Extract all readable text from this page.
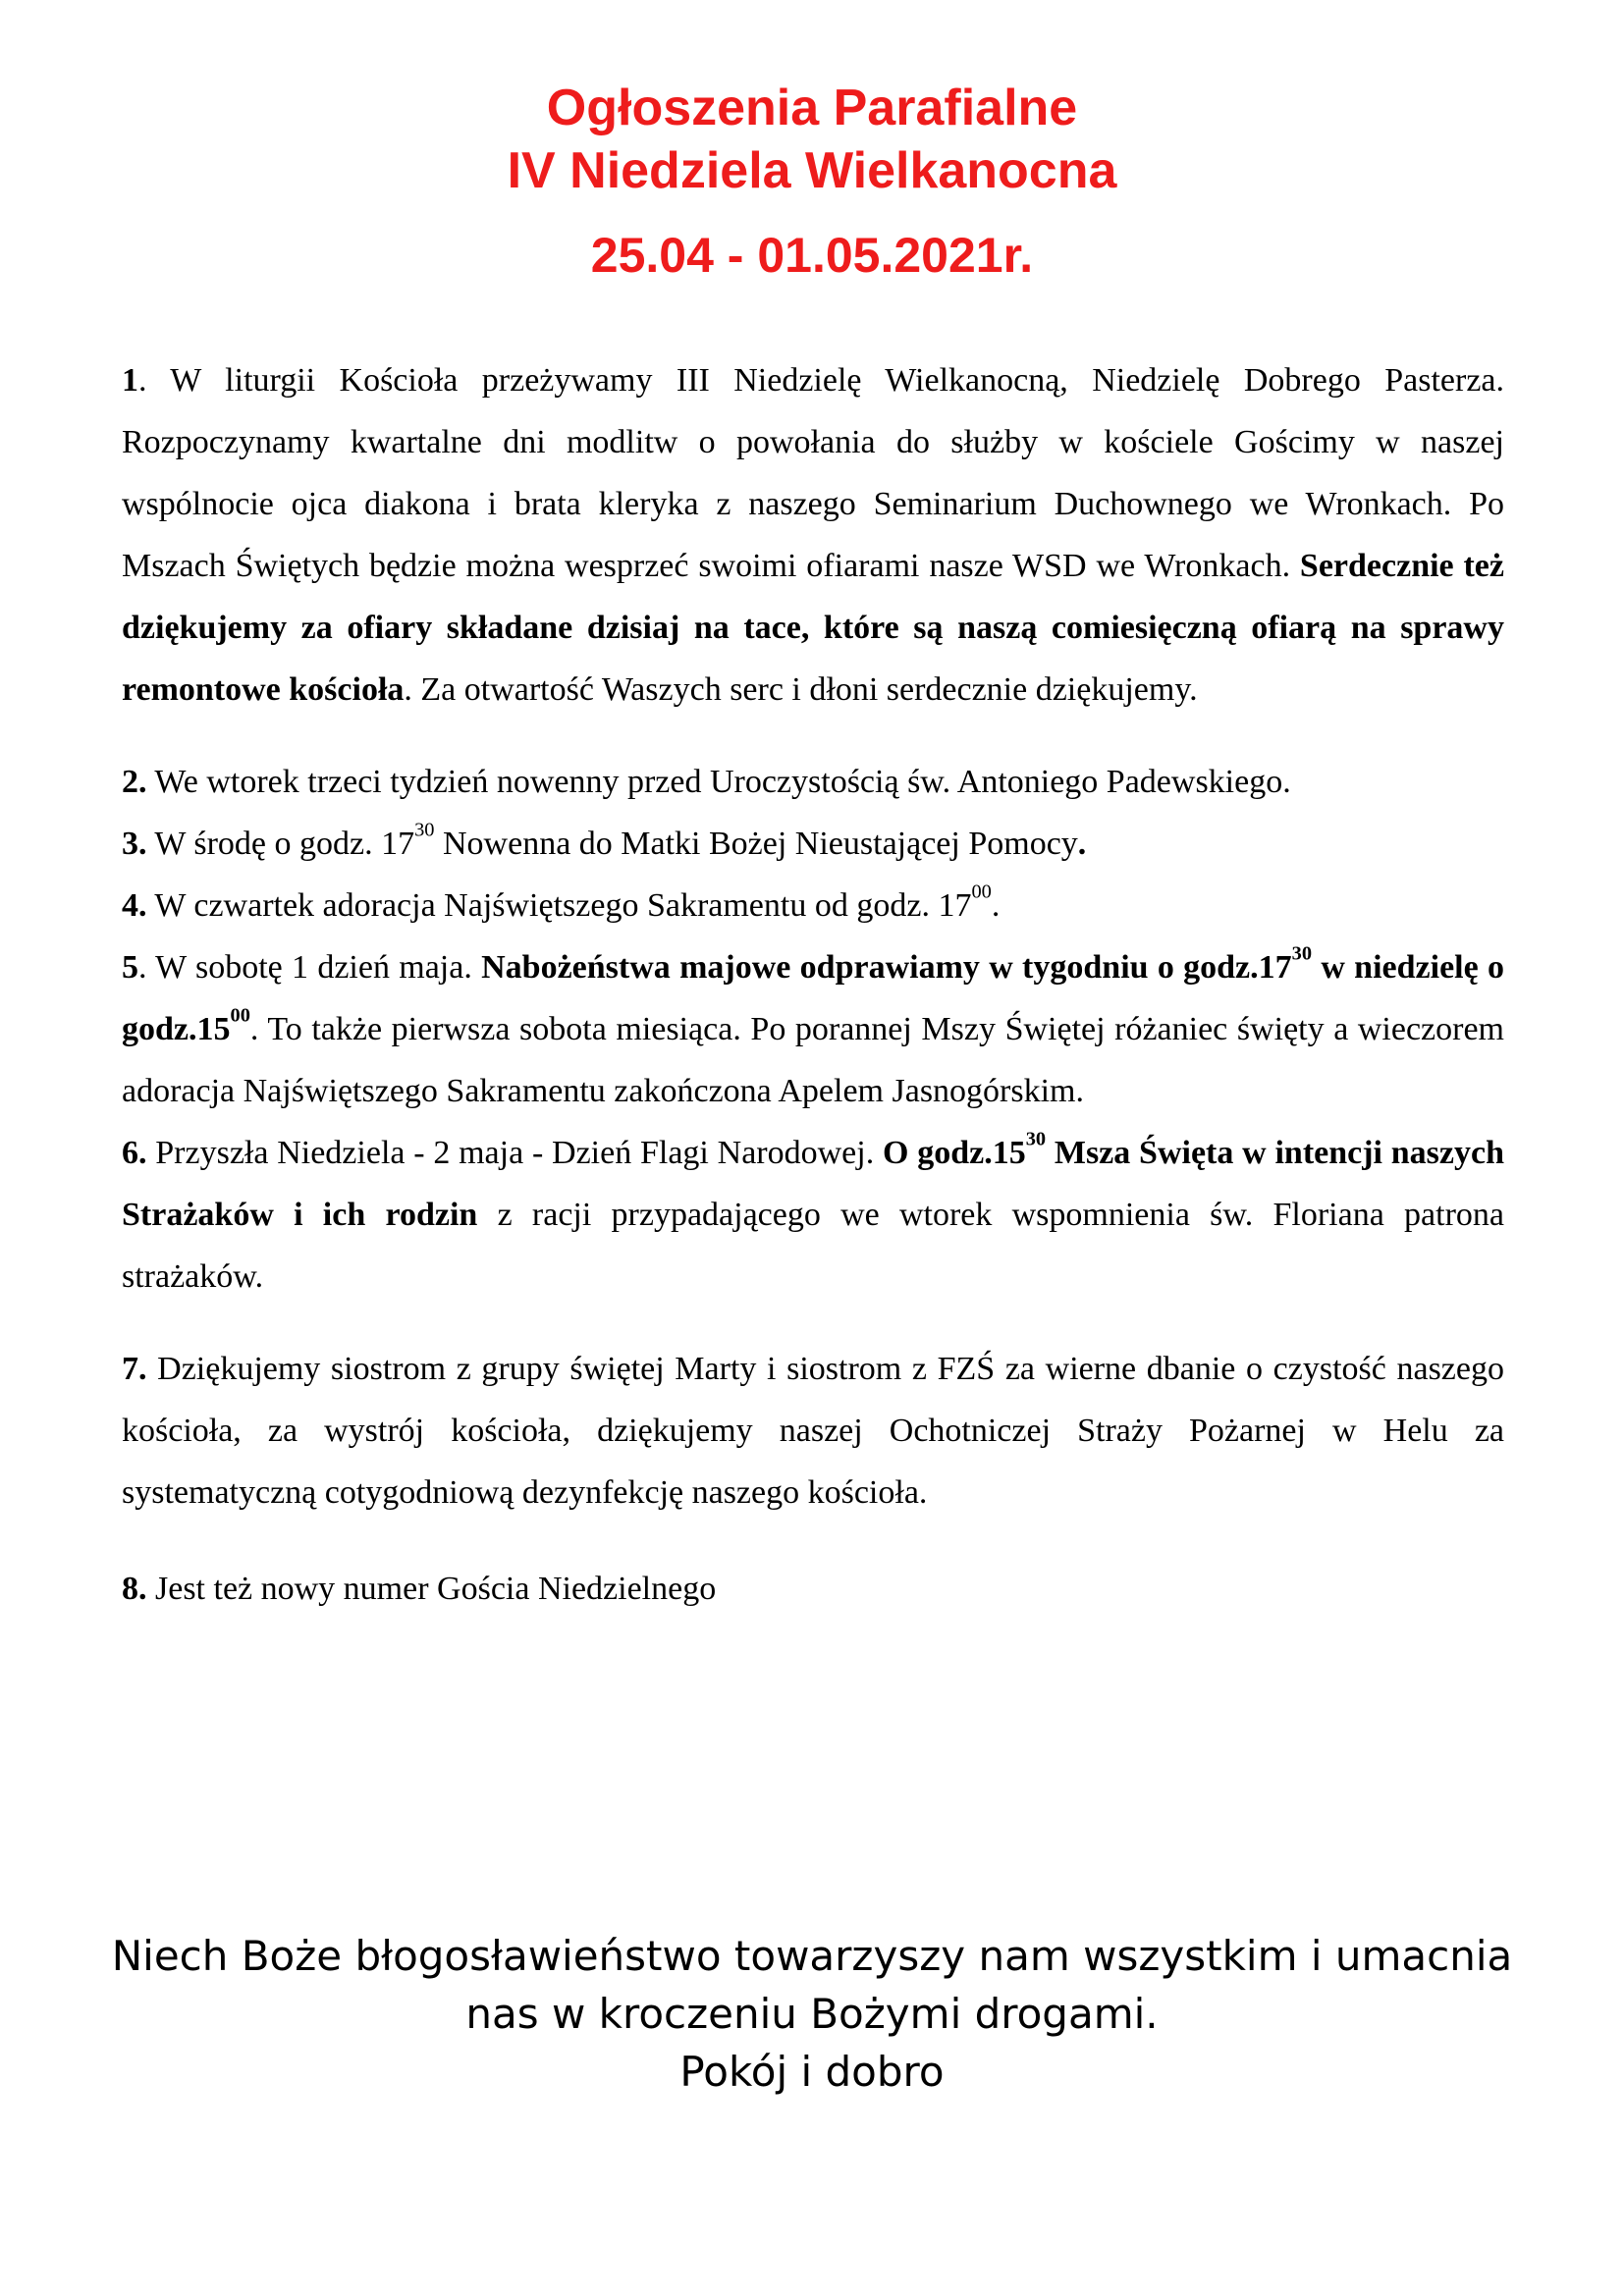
Ogłoszenia Parafialne
IV Niedziela Wielkanocna
25.04 - 01.05.2021r.

1. W liturgii Kościoła przeżywamy III Niedzielę Wielkanocną, Niedzielę Dobrego Pasterza. Rozpoczynamy kwartalne dni modlitw o powołania do służby w kościele Gościmy w naszej wspólnocie ojca diakona i brata kleryka z naszego Seminarium Duchownego we Wronkach. Po Mszach Świętych będzie można wesprzeć swoimi ofiarami nasze WSD we Wronkach. Serdecznie też dziękujemy za ofiary składane dzisiaj na tace, które są naszą comiesięczną ofiarą na sprawy remontowe kościoła. Za otwartość Waszych serc i dłoni serdecznie dziękujemy.

2. We wtorek trzeci tydzień nowenny przed Uroczystością św. Antoniego Padewskiego.

3. W środę o godz. $17^{30}$ Nowenna do Matki Bożej Nieustającej Pomocy.

4. W czwartek adoracja Najświętszego Sakramentu od godz. $17^{00}$.

5. W sobotę 1 dzień maja. Nabożeństwa majowe odprawiamy w tygodniu o $godz.17^{30}$ w niedzielę o $godz.15^{00}$. To także pierwsza sobota miesiąca. Po porannej Mszy Świętej różaniec święty a wieczorem adoracja Najświętszego Sakramentu zakończona Apelem Jasnogórskim.

6. Przyszła Niedziela - 2 maja - Dzień Flagi Narodowej. O $godz.15^{30}$ Msza Święta w intencji naszych Strażaków i ich rodzin z racji przypadającego we wtorek wspomnienia św. Floriana patrona strażaków.

7. Dziękujemy siostrom z grupy świętej Marty i siostrom z FZŚ za wierne dbanie o czystość naszego kościoła, za wystrój kościoła, dziękujemy naszej Ochotniczej Straży Pożarnej w Helu za systematyczną cotygodniową dezynfekcję naszego kościoła.

8. Jest też nowy numer Gościa Niedzielnego

Niech Boże błogosławieństwo towarzyszy nam wszystkim i umacnia
nas w kroczeniu Bożymi drogami.
Pokój i dobro
